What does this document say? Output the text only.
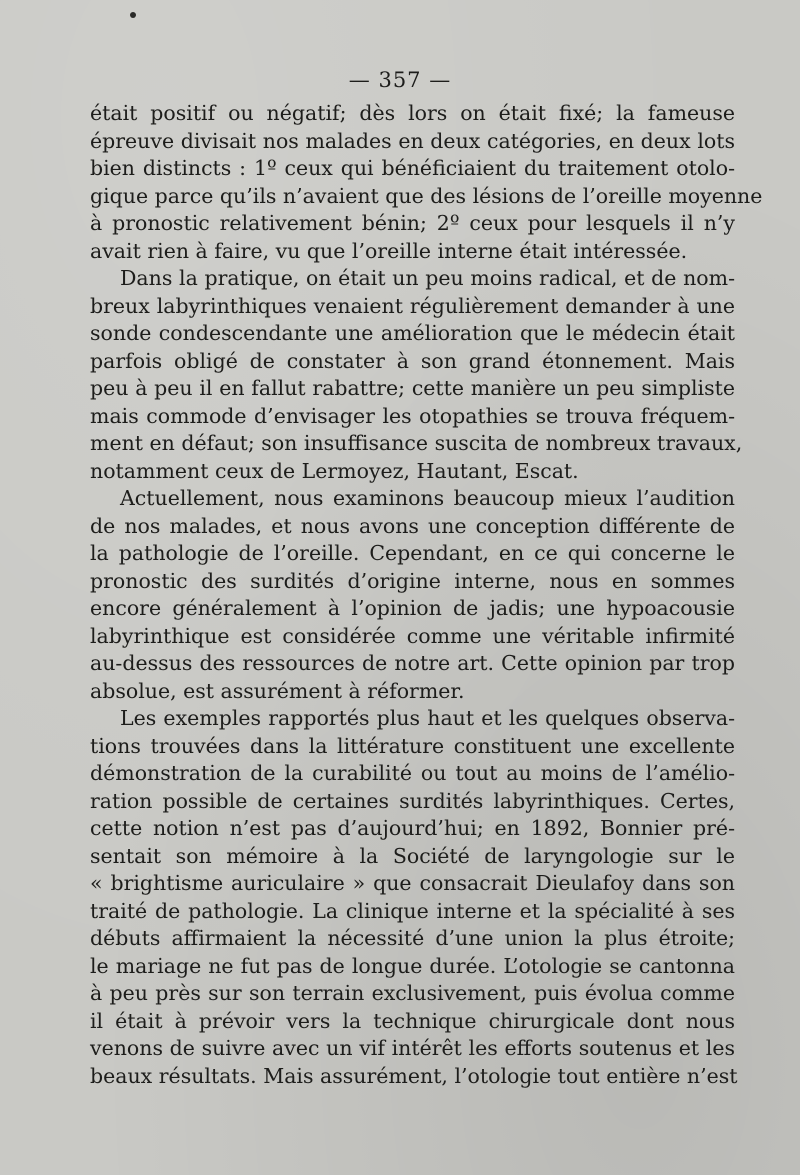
— 357 —
était positif ou négatif; dès lors on était fixé; la fameuse
épreuve divisait nos malades en deux catégories, en deux lots
bien distincts : 1º ceux qui bénéficiaient du traitement otolo-
gique parce qu’ils n’avaient que des lésions de l’oreille moyenne
à pronostic relativement bénin; 2º ceux pour lesquels il n’y
avait rien à faire, vu que l’oreille interne était intéressée.
Dans la pratique, on était un peu moins radical, et de nom-
breux labyrinthiques venaient régulièrement demander à une
sonde condescendante une amélioration que le médecin était
parfois obligé de constater à son grand étonnement. Mais
peu à peu il en fallut rabattre; cette manière un peu simpliste
mais commode d’envisager les otopathies se trouva fréquem-
ment en défaut; son insuffisance suscita de nombreux travaux,
notamment ceux de Lermoyez, Hautant, Escat.
Actuellement, nous examinons beaucoup mieux l’audition
de nos malades, et nous avons une conception différente de
la pathologie de l’oreille. Cependant, en ce qui concerne le
pronostic des surdités d’origine interne, nous en sommes
encore généralement à l’opinion de jadis; une hypoacousie
labyrinthique est considérée comme une véritable infirmité
au-dessus des ressources de notre art. Cette opinion par trop
absolue, est assurément à réformer.
Les exemples rapportés plus haut et les quelques observa-
tions trouvées dans la littérature constituent une excellente
démonstration de la curabilité ou tout au moins de l’amélio-
ration possible de certaines surdités labyrinthiques. Certes,
cette notion n’est pas d’aujourd’hui; en 1892, Bonnier pré-
sentait son mémoire à la Société de laryngologie sur le
« brightisme auriculaire » que consacrait Dieulafoy dans son
traité de pathologie. La clinique interne et la spécialité à ses
débuts affirmaient la nécessité d’une union la plus étroite;
le mariage ne fut pas de longue durée. L’otologie se cantonna
à peu près sur son terrain exclusivement, puis évolua comme
il était à prévoir vers la technique chirurgicale dont nous
venons de suivre avec un vif intérêt les efforts soutenus et les
beaux résultats. Mais assurément, l’otologie tout entière n’est
